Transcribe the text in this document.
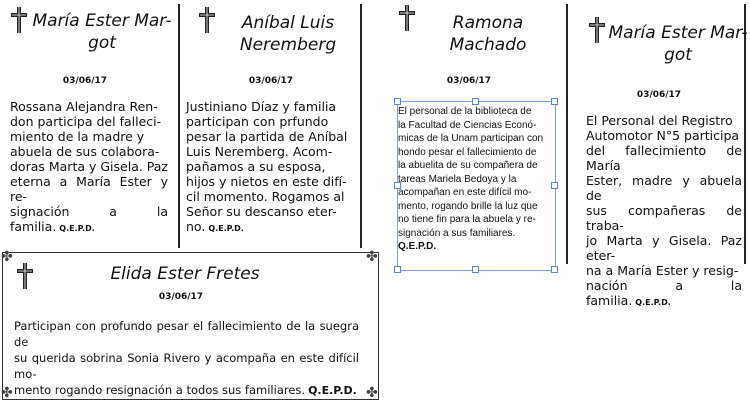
María Ester Mar-
got
03/06/17
Rossana Alejandra Ren-
don participa del falleci-
miento de la madre y
abuela de sus colabora-
doras Marta y Gisela. Paz
eterna a María Ester y re-
signación a la familia. Q.E.P.D.
Aníbal Luis
Neremberg
03/06/17
Justiniano Díaz y familia
participan con prfundo
pesar la partida de Aníbal
Luis Neremberg. Acom-
pañamos a su esposa,
hijos y nietos en este difí-
cil momento. Rogamos al
Señor su descanso eter-
no. Q.E.P.D.
Ramona
Machado
03/06/17
El personal de la biblioteca de
la Facultad de Ciencias Econó-
micas de la Unam participan con
hondo pesar el fallecimiento de
la abuelita de su compañera de
tareas Mariela Bedoya y la
acompañan en este difícil mo-
mento, rogando brille la luz que
no tiene fin para la abuela y re-
signación a sus familiares.
Q.E.P.D.
María Ester Mar-
got
03/06/17
El Personal del Registro
Automotor N°5 participa
del fallecimiento de María
Ester, madre y abuela de
sus compañeras de traba-
jo Marta y Gisela. Paz eter-
na a María Ester y resig-
nación a la familia. Q.E.P.D.
✤	✤
✤	✤
Elida Ester Fretes
03/06/17
Participan con profundo pesar el fallecimiento de la suegra de
su querida sobrina Sonia Rivero y acompaña en este difícil mo-
mento rogando resignación a todos sus familiares. Q.E.P.D.
